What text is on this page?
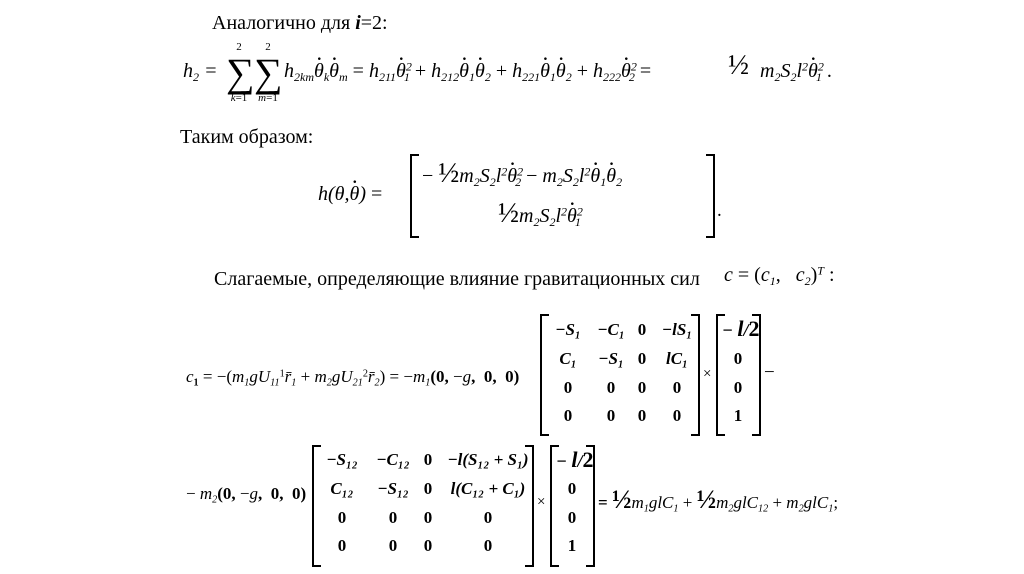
Аналогично для i=2:
$h_2$ =
2
∑
k=1
2
∑
m=1
$h_{2km}\cdot \theta_k\cdot \theta_m = h_{211}\cdot \theta^2_1 + h_{212}\cdot \theta_1\cdot \theta_2 + h_{221}\cdot \theta_1\cdot \theta_2 + h_{222}\cdot \theta^2_2$ =	½ $m_2S_2l^2\cdot \theta^2_1$ .
Таким образом:
h(θ,· θ) =
− $\frac{1}{2}m_2S_2l^2\cdot \theta^2_2 - m_2S_2l^2\cdot \theta_1\cdot \theta_2$
$\frac{1}{2}m_2S_2l^2\cdot \theta^2_1$
.
Слагаемые, определяющие влияние гравитационных сил $c = (c_1$,   $c_2)^T$ :
$c_1$ = $-(m_1gU_{11}^1r̄_1$ + $m_2gU_{21}^2r̄_2) = -m_1(0$, −g,  0,  0)
−S₁ −C₁ 0 −lS₁
C₁	−S₁ 0	lC₁
0	0	0	0
0	0	0	0
×
− l/2
0
0
1
−
− $m_2(0$, −g,  0,  0)
−S₁₂	−C₁₂ 0 −l(S₁₂ + S₁)
C₁₂	−S₁₂ 0	l(C₁₂ + C₁)
0	0	0	0
0	0	0	0
×
− l/2
0
0
1
= $\frac{1}{2}m_1glC_1$ + $\frac{1}{2}m_2glC_{12} + m_2glC_1$;
